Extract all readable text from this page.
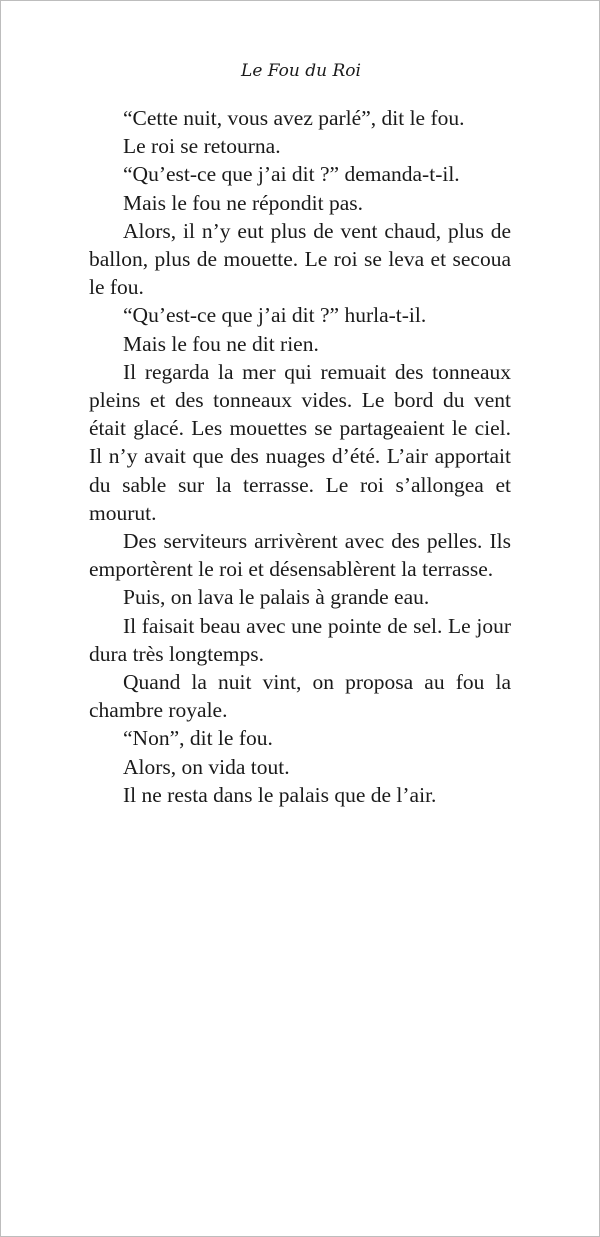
Le Fou du Roi

“Cette nuit, vous avez parlé”, dit le fou.

Le roi se retourna.

“Qu’est-ce que j’ai dit ?” demanda-t-il.

Mais le fou ne répondit pas.

Alors, il n’y eut plus de vent chaud, plus de ballon, plus de mouette. Le roi se leva et secoua le fou.

“Qu’est-ce que j’ai dit ?” hurla-t-il.

Mais le fou ne dit rien.

Il regarda la mer qui remuait des tonneaux pleins et des tonneaux vides. Le bord du vent était glacé. Les mouettes se partageaient le ciel. Il n’y avait que des nuages d’été. L’air apportait du sable sur la terrasse. Le roi s’allongea et mourut.

Des serviteurs arrivèrent avec des pelles. Ils emportèrent le roi et désensablèrent la terrasse.

Puis, on lava le palais à grande eau.

Il faisait beau avec une pointe de sel. Le jour dura très longtemps.

Quand la nuit vint, on proposa au fou la chambre royale.

“Non”, dit le fou.

Alors, on vida tout.

Il ne resta dans le palais que de l’air.
